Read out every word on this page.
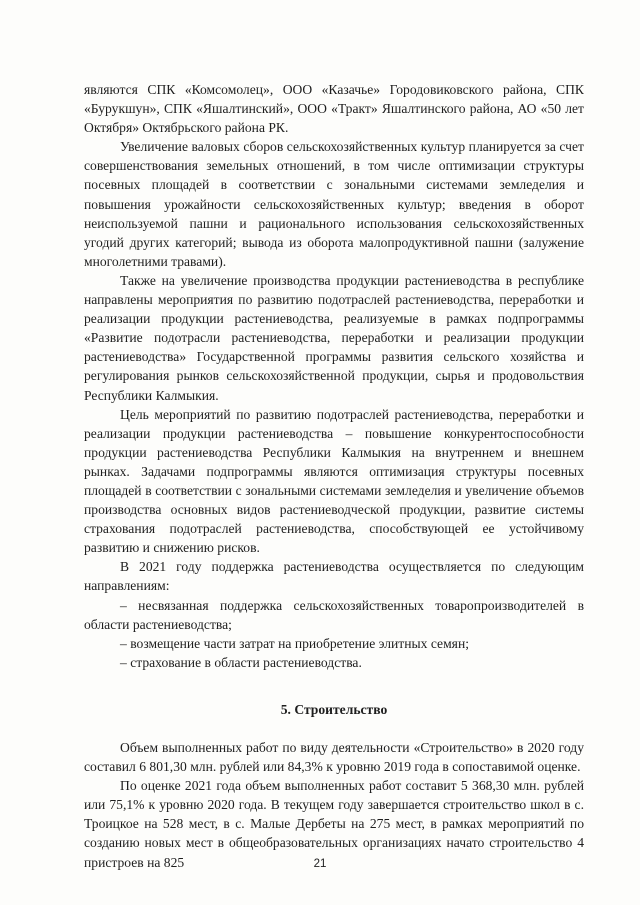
являются СПК «Комсомолец», ООО «Казачье» Городовиковского района, СПК «Бурукшун», СПК «Яшалтинский», ООО «Тракт» Яшалтинского района, АО «50 лет Октября» Октябрьского района РК.

Увеличение валовых сборов сельскохозяйственных культур планируется за счет совершенствования земельных отношений, в том числе оптимизации структуры посевных площадей в соответствии с зональными системами земледелия и повышения урожайности сельскохозяйственных культур; введения в оборот неиспользуемой пашни и рационального использования сельскохозяйственных угодий других категорий; вывода из оборота малопродуктивной пашни (залужение многолетними травами).

Также на увеличение производства продукции растениеводства в республике направлены мероприятия по развитию подотраслей растениеводства, переработки и реализации продукции растениеводства, реализуемые в рамках подпрограммы «Развитие подотрасли растениеводства, переработки и реализации продукции растениеводства» Государственной программы развития сельского хозяйства и регулирования рынков сельскохозяйственной продукции, сырья и продовольствия Республики Калмыкия.

Цель мероприятий по развитию подотраслей растениеводства, переработки и реализации продукции растениеводства – повышение конкурентоспособности продукции растениеводства Республики Калмыкия на внутреннем и внешнем рынках. Задачами подпрограммы являются оптимизация структуры посевных площадей в соответствии с зональными системами земледелия и увеличение объемов производства основных видов растениеводческой продукции, развитие системы страхования подотраслей растениеводства, способствующей ее устойчивому развитию и снижению рисков.

В 2021 году поддержка растениеводства осуществляется по следующим направлениям:

– несвязанная поддержка сельскохозяйственных товаропроизводителей в области растениеводства;

– возмещение части затрат на приобретение элитных семян;

– страхование в области растениеводства.

5. Строительство

Объем выполненных работ по виду деятельности «Строительство» в 2020 году составил 6 801,30 млн. рублей или 84,3% к уровню 2019 года в сопоставимой оценке.

По оценке 2021 года объем выполненных работ составит 5 368,30 млн. рублей или 75,1% к уровню 2020 года. В текущем году завершается строительство школ в с. Троицкое на 528 мест, в с. Малые Дербеты на 275 мест, в рамках мероприятий по созданию новых мест в общеобразовательных организациях начато строительство 4 пристроев на 825	21
